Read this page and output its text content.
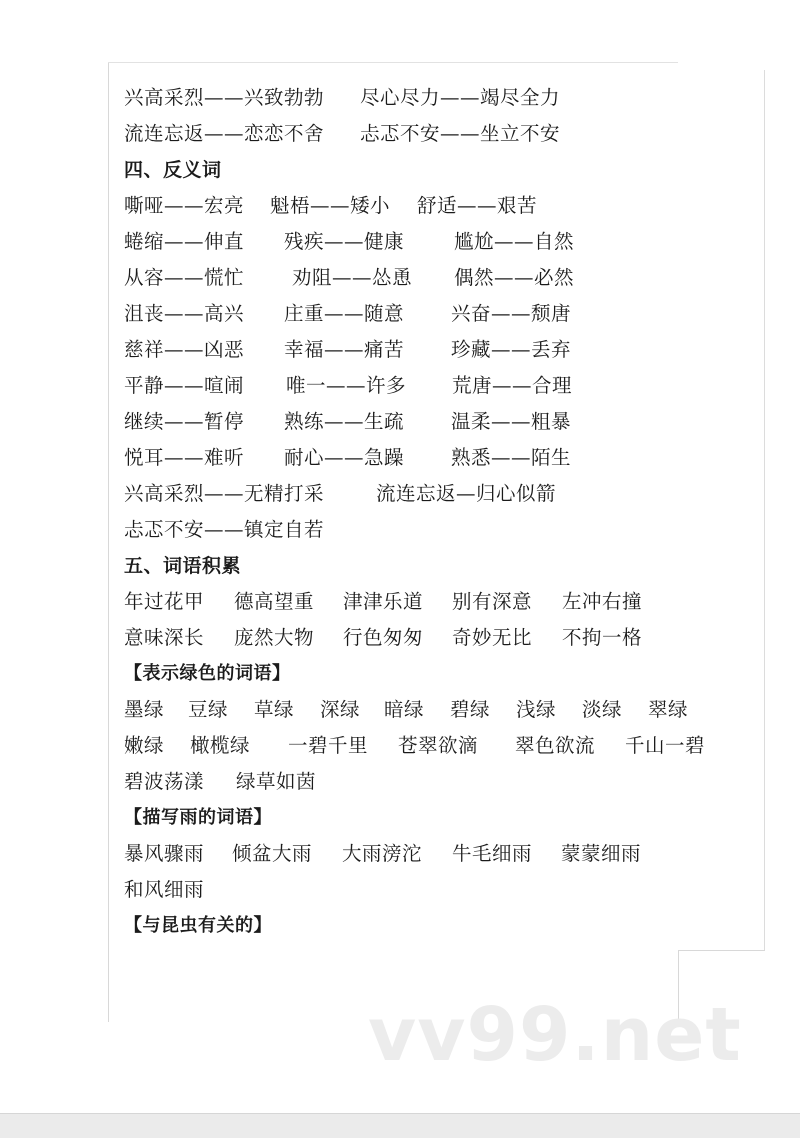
兴高采烈——兴致勃勃 尽心尽力——竭尽全力
流连忘返——恋恋不舍 忐忑不安——坐立不安
四、反义词
嘶哑——宏亮 魁梧——矮小 舒适——艰苦
蜷缩——伸直 残疾——健康	尴尬——自然
从容——慌忙 劝阻——怂恿 偶然——必然
沮丧——高兴 庄重——随意 兴奋——颓唐
慈祥——凶恶 幸福——痛苦 珍藏——丢弃
平静——喧闹 唯一——许多 荒唐——合理
继续——暂停 熟练——生疏 温柔——粗暴
悦耳——难听 耐心——急躁 熟悉——陌生
兴高采烈——无精打采	流连忘返—归心似箭
忐忑不安——镇定自若
五、词语积累
年过花甲 德高望重 津津乐道 别有深意 左冲右撞
意味深长 庞然大物 行色匆匆 奇妙无比 不拘一格
【表示绿色的词语】
墨绿 豆绿 草绿 深绿 暗绿 碧绿 浅绿 淡绿 翠绿
嫩绿 橄榄绿 一碧千里 苍翠欲滴 翠色欲流 千山一碧
碧波荡漾 绿草如茵
【描写雨的词语】
暴风骤雨 倾盆大雨 大雨滂沱 牛毛细雨 蒙蒙细雨
和风细雨
【与昆虫有关的】
vv99.net
